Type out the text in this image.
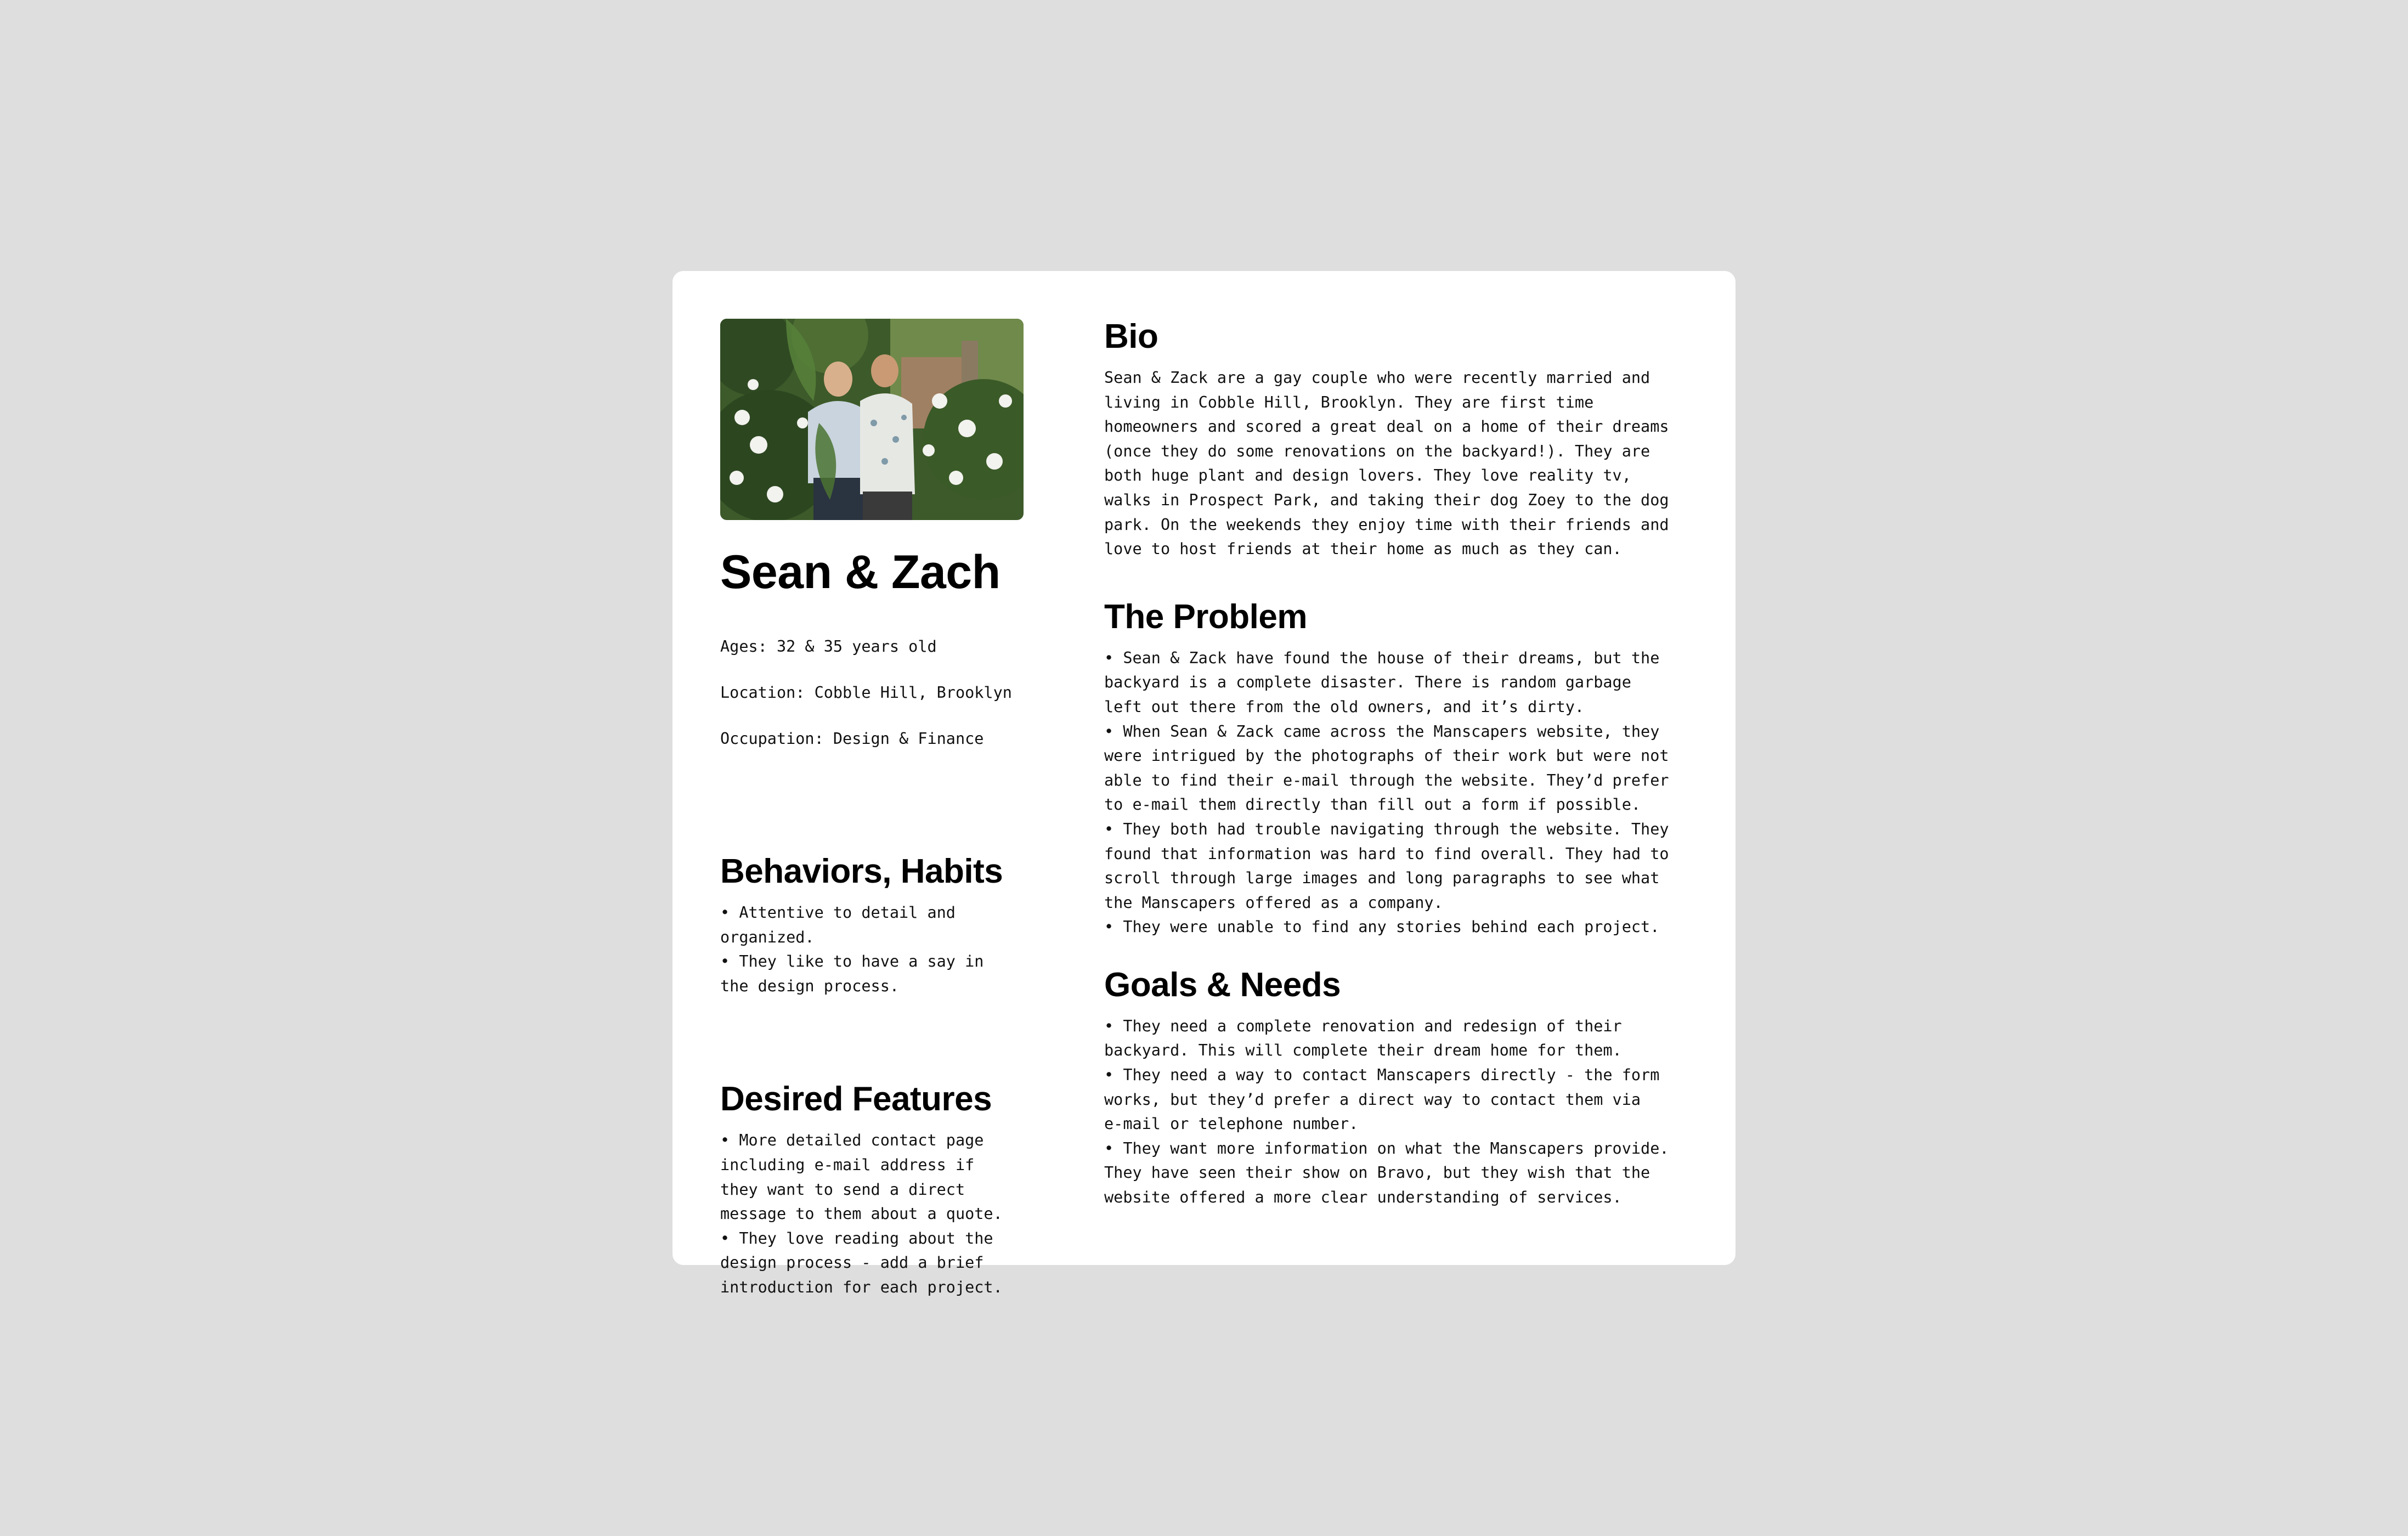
Sean & Zach

Ages: 32 & 35 years old

Location: Cobble Hill, Brooklyn

Occupation: Design & Finance

Behaviors, Habits
• Attentive to detail and
organized.
• They like to have a say in
the design process.
Desired Features
• More detailed contact page
including e-mail address if
they want to send a direct
message to them about a quote.
• They love reading about the
design process - add a brief
introduction for each project.
Bio
Sean & Zack are a gay couple who were recently married and
living in Cobble Hill, Brooklyn. They are first time
homeowners and scored a great deal on a home of their dreams
(once they do some renovations on the backyard!). They are
both huge plant and design lovers. They love reality tv,
walks in Prospect Park, and taking their dog Zoey to the dog
park. On the weekends they enjoy time with their friends and
love to host friends at their home as much as they can.
The Problem
• Sean & Zack have found the house of their dreams, but the
backyard is a complete disaster. There is random garbage
left out there from the old owners, and it’s dirty.
• When Sean & Zack came across the Manscapers website, they
were intrigued by the photographs of their work but were not
able to find their e-mail through the website. They’d prefer
to e-mail them directly than fill out a form if possible.
• They both had trouble navigating through the website. They
found that information was hard to find overall. They had to
scroll through large images and long paragraphs to see what
the Manscapers offered as a company.
• They were unable to find any stories behind each project.
Goals & Needs
• They need a complete renovation and redesign of their
backyard. This will complete their dream home for them.
• They need a way to contact Manscapers directly - the form
works, but they’d prefer a direct way to contact them via
e-mail or telephone number.
• They want more information on what the Manscapers provide.
They have seen their show on Bravo, but they wish that the
website offered a more clear understanding of services.
